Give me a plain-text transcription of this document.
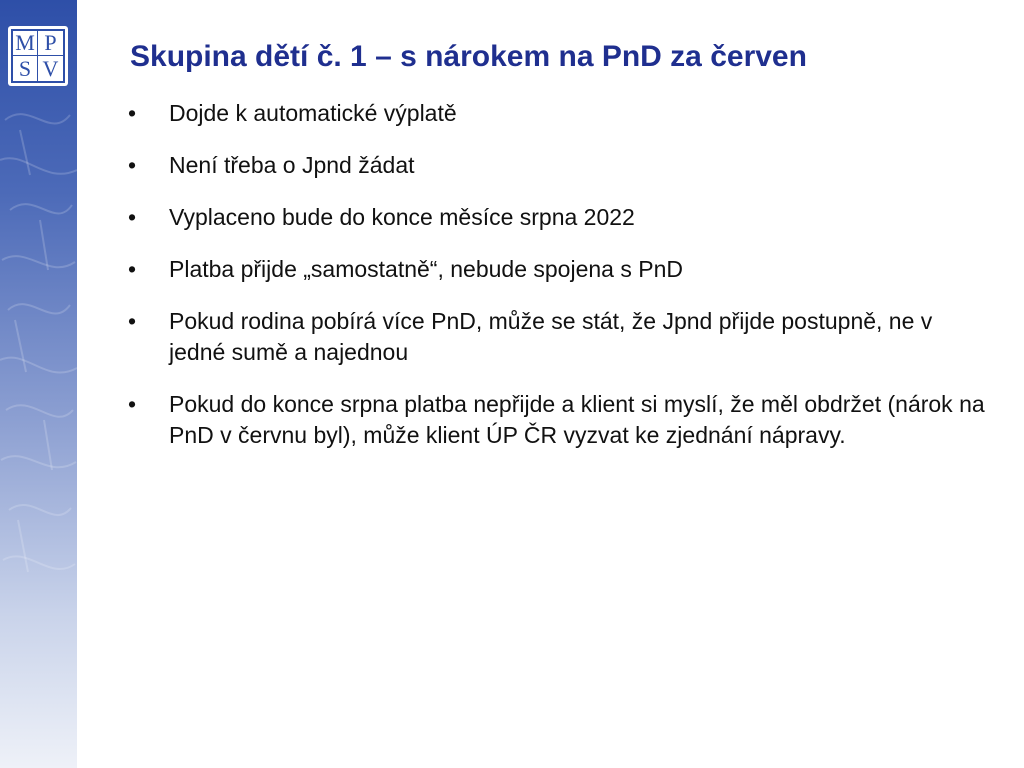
M P
S V Skupina dětí č. 1 – s nárokem na PnD za červen
• Dojde k automatické výplatě
• Není třeba o Jpnd žádat
• Vyplaceno bude do konce měsíce srpna 2022
• Platba přijde „samostatně“, nebude spojena s PnD
• Pokud rodina pobírá více PnD, může se stát, že Jpnd přijde postupně, ne v jedné sumě a najednou
• Pokud do konce srpna platba nepřijde a klient si myslí, že měl obdržet (nárok na PnD v červnu byl), může klient ÚP ČR vyzvat ke zjednání nápravy.
